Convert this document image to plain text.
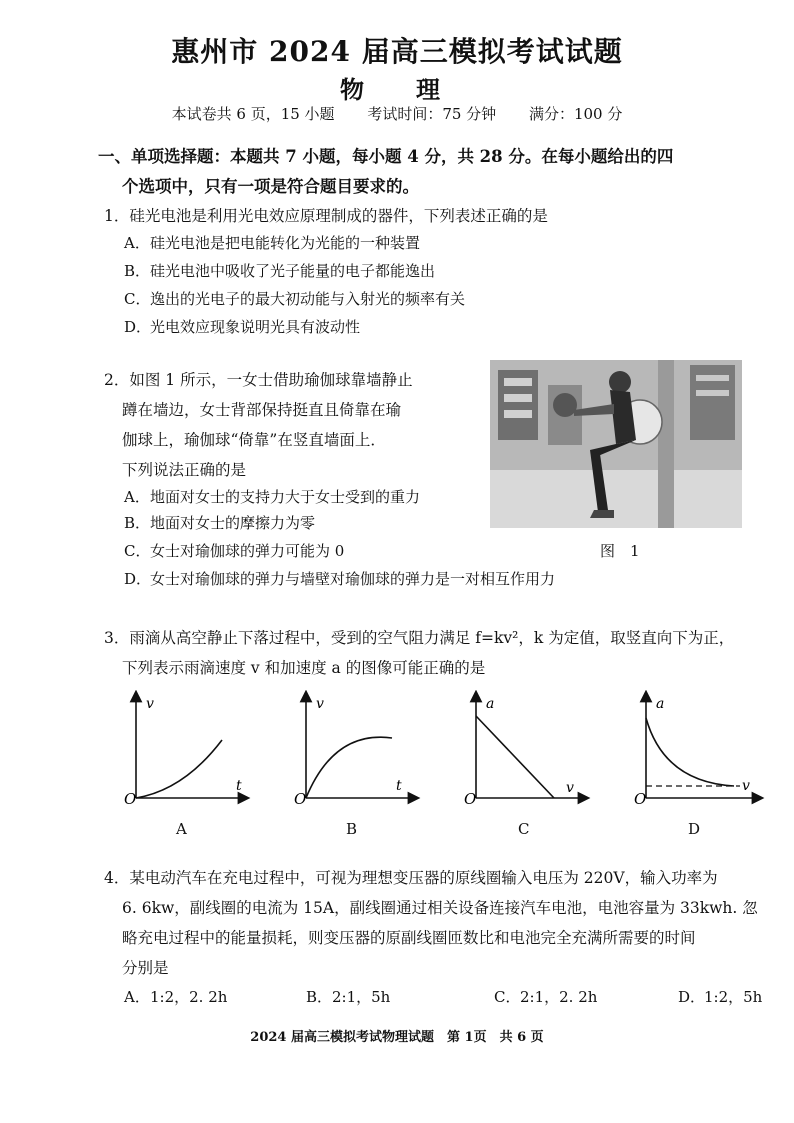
惠州市 2024 届高三模拟考试试题
物　理
本试卷共 6 页，15 小题 考试时间：75 分钟 满分：100 分
一、单项选择题：本题共 7 小题，每小题 4 分，共 28 分。在每小题给出的四
个选项中，只有一项是符合题目要求的。
1．硅光电池是利用光电效应原理制成的器件，下列表述正确的是
A．硅光电池是把电能转化为光能的一种装置
B．硅光电池中吸收了光子能量的电子都能逸出
C．逸出的光电子的最大初动能与入射光的频率有关
D．光电效应现象说明光具有波动性
2．如图 1 所示，一女士借助瑜伽球靠墙静止
蹲在墙边，女士背部保持挺直且倚靠在瑜
伽球上，瑜伽球“倚靠”在竖直墙面上．
下列说法正确的是
A．地面对女士的支持力大于女士受到的重力
B．地面对女士的摩擦力为零
C．女士对瑜伽球的弹力可能为 0
D．女士对瑜伽球的弹力与墙壁对瑜伽球的弹力是一对相互作用力
图　1
3．雨滴从高空静止下落过程中，受到的空气阻力满足 f=kv²，k 为定值，取竖直向下为正，
下列表示雨滴速度 v 和加速度 a 的图像可能正确的是
O
v
t
A
O
v
t
B
O
a
v
C
O
a
v
D
4．某电动汽车在充电过程中，可视为理想变压器的原线圈输入电压为 220V，输入功率为
6. 6kw，副线圈的电流为 15A，副线圈通过相关设备连接汽车电池，电池容量为 33kwh. 忽
略充电过程中的能量损耗，则变压器的原副线圈匝数比和电池完全充满所需要的时间
分别是
A．1:2，2. 2h	B．2:1，5h	C．2:1，2. 2h	D．1:2，5h
2024 届高三模拟考试物理试题　第 1页　共 6 页
